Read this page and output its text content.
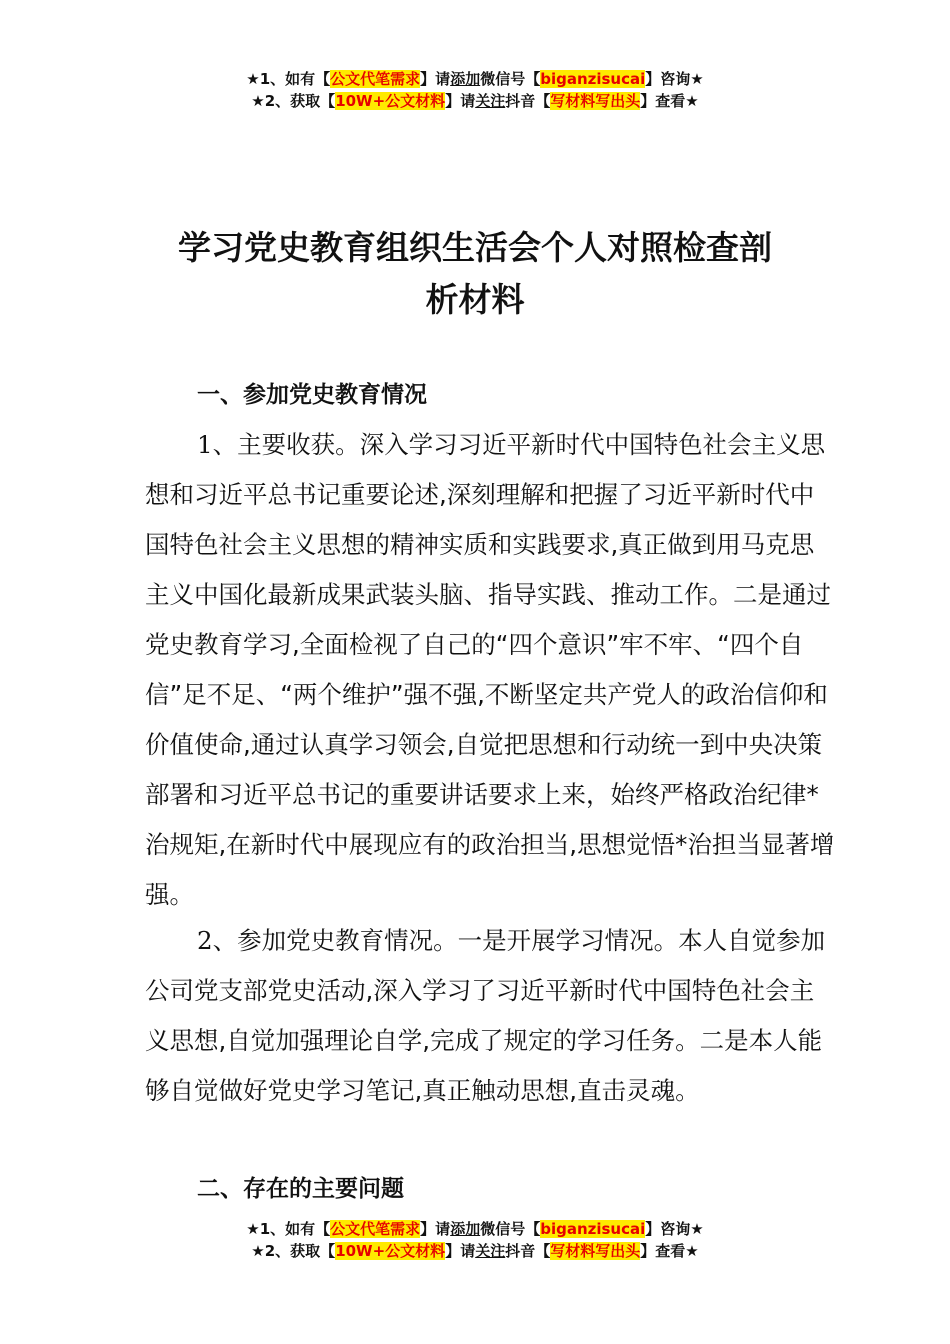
★1、如有【公文代笔需求】请添加微信号【biganzisucai】咨询★
★2、获取【10W+公文材料】请关注抖音【写材料写出头】查看★
学习党史教育组织生活会个人对照检查剖
析材料
一、参加党史教育情况

1、主要收获。深入学习习近平新时代中国特色社会主义思想和习近平总书记重要论述,深刻理解和把握了习近平新时代中国特色社会主义思想的精神实质和实践要求,真正做到用马克思主义中国化最新成果武装头脑、指导实践、推动工作。二是通过党史教育学习,全面检视了自己的“四个意识”牢不牢、“四个自信”足不足、“两个维护”强不强,不断坚定共产党人的政治信仰和价值使命,通过认真学习领会,自觉把思想和行动统一到中央决策部署和习近平总书记的重要讲话要求上来，始终严格政治纪律*治规矩,在新时代中展现应有的政治担当,思想觉悟*治担当显著增强。

2、参加党史教育情况。一是开展学习情况。本人自觉参加公司党支部党史活动,深入学习了习近平新时代中国特色社会主义思想,自觉加强理论自学,完成了规定的学习任务。二是本人能够自觉做好党史学习笔记,真正触动思想,直击灵魂。

二、存在的主要问题
★1、如有【公文代笔需求】请添加微信号【biganzisucai】咨询★
★2、获取【10W+公文材料】请关注抖音【写材料写出头】查看★
